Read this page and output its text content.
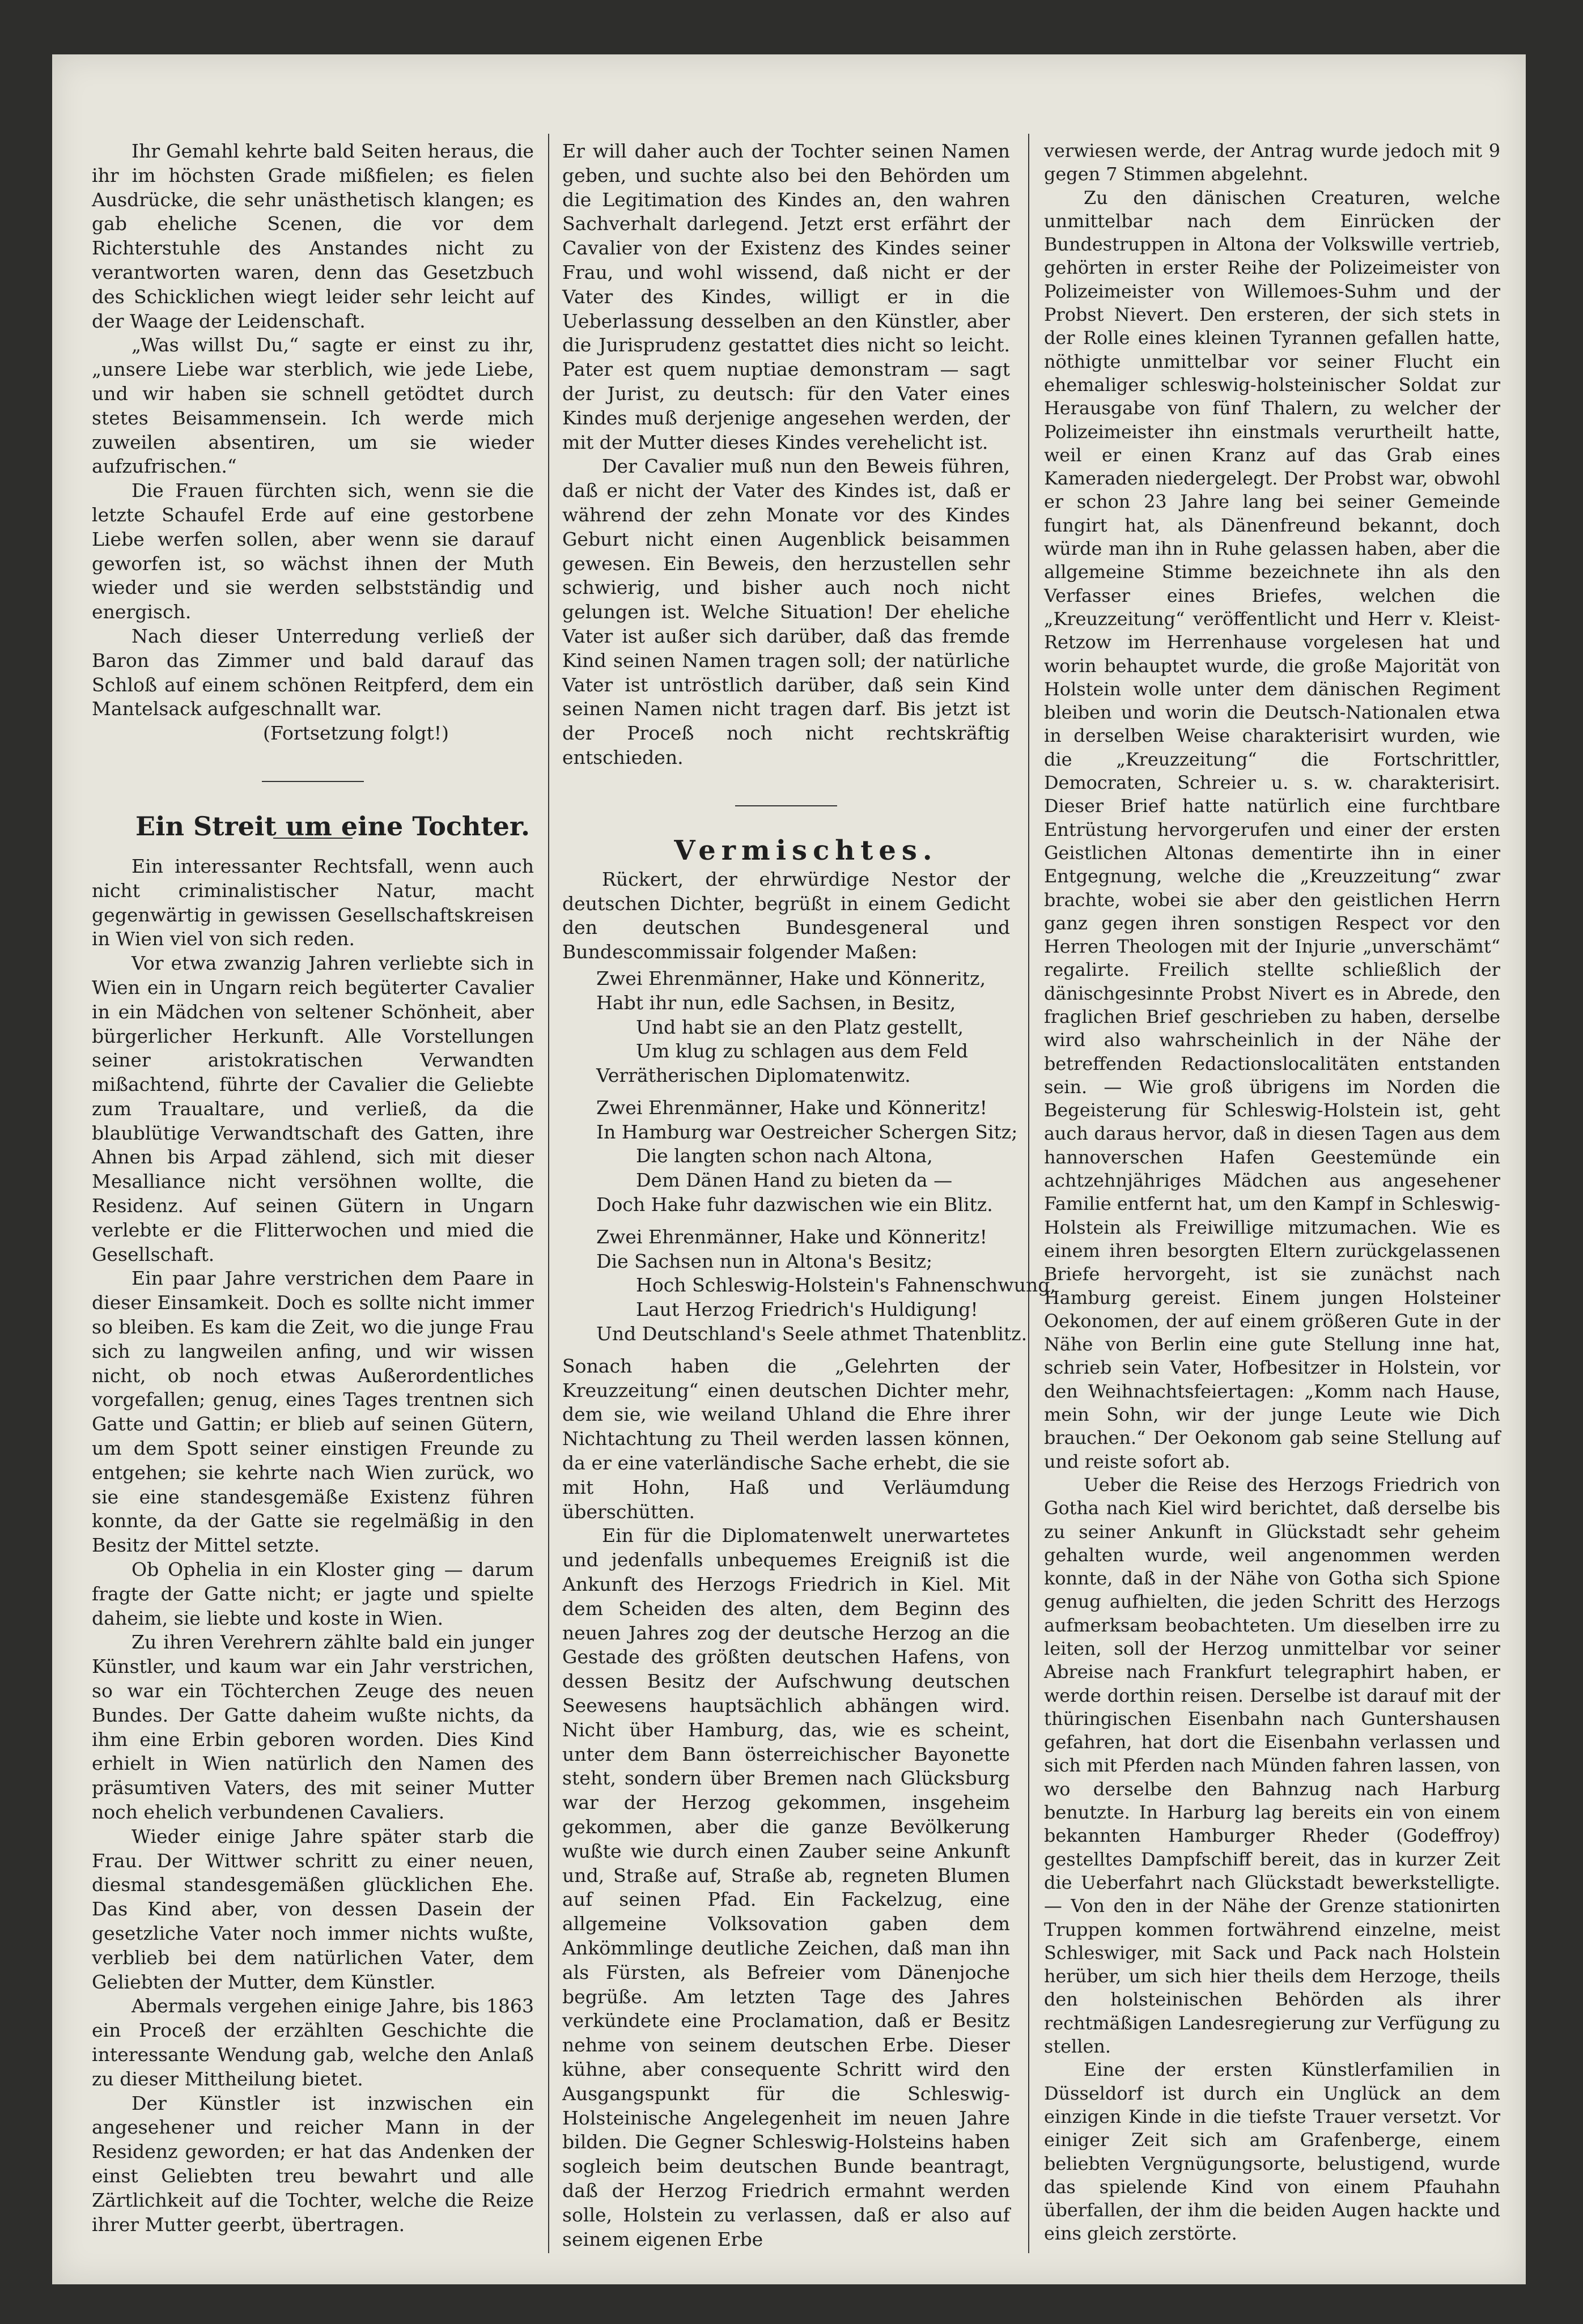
Ihr Gemahl kehrte bald Seiten heraus, die ihr im höchsten Grade mißfielen; es fielen Ausdrücke, die sehr unästhetisch klangen; es gab eheliche Scenen, die vor dem Richterstuhle des Anstandes nicht zu verantworten waren, denn das Gesetzbuch des Schicklichen wiegt leider sehr leicht auf der Waage der Leidenschaft.

„Was willst Du,“ sagte er einst zu ihr, „unsere Liebe war sterblich, wie jede Liebe, und wir haben sie schnell getödtet durch stetes Beisammensein. Ich werde mich zuweilen absentiren, um sie wieder aufzufrischen.“

Die Frauen fürchten sich, wenn sie die letzte Schaufel Erde auf eine gestorbene Liebe werfen sollen, aber wenn sie darauf geworfen ist, so wächst ihnen der Muth wieder und sie werden selbstständig und energisch.

Nach dieser Unterredung verließ der Baron das Zimmer und bald darauf das Schloß auf einem schönen Reitpferd, dem ein Mantelsack aufgeschnallt war.

(Fortsetzung folgt!)

Ein Streit um eine Tochter.

Ein interessanter Rechtsfall, wenn auch nicht criminalistischer Natur, macht gegenwärtig in gewissen Gesellschaftskreisen in Wien viel von sich reden.

Vor etwa zwanzig Jahren verliebte sich in Wien ein in Ungarn reich begüterter Cavalier in ein Mädchen von seltener Schönheit, aber bürgerlicher Herkunft. Alle Vorstellungen seiner aristokratischen Verwandten mißachtend, führte der Cavalier die Geliebte zum Traualtare, und verließ, da die blaublütige Verwandtschaft des Gatten, ihre Ahnen bis Arpad zählend, sich mit dieser Mesalliance nicht versöhnen wollte, die Residenz. Auf seinen Gütern in Ungarn verlebte er die Flitterwochen und mied die Gesellschaft.

Ein paar Jahre verstrichen dem Paare in dieser Einsamkeit. Doch es sollte nicht immer so bleiben. Es kam die Zeit, wo die junge Frau sich zu langweilen anfing, und wir wissen nicht, ob noch etwas Außerordentliches vorgefallen; genug, eines Tages trentnen sich Gatte und Gattin; er blieb auf seinen Gütern, um dem Spott seiner einstigen Freunde zu entgehen; sie kehrte nach Wien zurück, wo sie eine standesgemäße Existenz führen konnte, da der Gatte sie regelmäßig in den Besitz der Mittel setzte.

Ob Ophelia in ein Kloster ging — darum fragte der Gatte nicht; er jagte und spielte daheim, sie liebte und koste in Wien.

Zu ihren Verehrern zählte bald ein junger Künstler, und kaum war ein Jahr verstrichen, so war ein Töchterchen Zeuge des neuen Bundes. Der Gatte daheim wußte nichts, da ihm eine Erbin geboren worden. Dies Kind erhielt in Wien natürlich den Namen des präsumtiven Vaters, des mit seiner Mutter noch ehelich verbundenen Cavaliers.

Wieder einige Jahre später starb die Frau. Der Wittwer schritt zu einer neuen, diesmal standesgemäßen glücklichen Ehe. Das Kind aber, von dessen Dasein der gesetzliche Vater noch immer nichts wußte, verblieb bei dem natürlichen Vater, dem Geliebten der Mutter, dem Künstler.

Abermals vergehen einige Jahre, bis 1863 ein Proceß der erzählten Geschichte die interessante Wendung gab, welche den Anlaß zu dieser Mittheilung bietet.

Der Künstler ist inzwischen ein angesehener und reicher Mann in der Residenz geworden; er hat das Andenken der einst Geliebten treu bewahrt und alle Zärtlichkeit auf die Tochter, welche die Reize ihrer Mutter geerbt, übertragen.

Er will daher auch der Tochter seinen Namen geben, und suchte also bei den Behörden um die Legitimation des Kindes an, den wahren Sachverhalt darlegend. Jetzt erst erfährt der Cavalier von der Existenz des Kindes seiner Frau, und wohl wissend, daß nicht er der Vater des Kindes, willigt er in die Ueberlassung desselben an den Künstler, aber die Jurisprudenz gestattet dies nicht so leicht. Pater est quem nuptiae demonstram — sagt der Jurist, zu deutsch: für den Vater eines Kindes muß derjenige angesehen werden, der mit der Mutter dieses Kindes verehelicht ist.

Der Cavalier muß nun den Beweis führen, daß er nicht der Vater des Kindes ist, daß er während der zehn Monate vor des Kindes Geburt nicht einen Augenblick beisammen gewesen. Ein Beweis, den herzustellen sehr schwierig, und bisher auch noch nicht gelungen ist. Welche Situation! Der eheliche Vater ist außer sich darüber, daß das fremde Kind seinen Namen tragen soll; der natürliche Vater ist untröstlich darüber, daß sein Kind seinen Namen nicht tragen darf. Bis jetzt ist der Proceß noch nicht rechtskräftig entschieden.

Vermischtes.

Rückert, der ehrwürdige Nestor der deutschen Dichter, begrüßt in einem Gedicht den deutschen Bundesgeneral und Bundescommissair folgender Maßen:

Zwei Ehrenmänner, Hake und Könneritz,
Habt ihr nun, edle Sachsen, in Besitz,
Und habt sie an den Platz gestellt,
Um klug zu schlagen aus dem Feld
Verrätherischen Diplomatenwitz.
Zwei Ehrenmänner, Hake und Könneritz!
In Hamburg war Oestreicher Schergen Sitz;
Die langten schon nach Altona,
Dem Dänen Hand zu bieten da —
Doch Hake fuhr dazwischen wie ein Blitz.
Zwei Ehrenmänner, Hake und Könneritz!
Die Sachsen nun in Altona's Besitz;
Hoch Schleswig-Holstein's Fahnenschwung,
Laut Herzog Friedrich's Huldigung!
Und Deutschland's Seele athmet Thatenblitz.

Sonach haben die „Gelehrten der Kreuzzeitung“ einen deutschen Dichter mehr, dem sie, wie weiland Uhland die Ehre ihrer Nichtachtung zu Theil werden lassen können, da er eine vaterländische Sache erhebt, die sie mit Hohn, Haß und Verläumdung überschütten.

Ein für die Diplomatenwelt unerwartetes und jedenfalls unbequemes Ereigniß ist die Ankunft des Herzogs Friedrich in Kiel. Mit dem Scheiden des alten, dem Beginn des neuen Jahres zog der deutsche Herzog an die Gestade des größten deutschen Hafens, von dessen Besitz der Aufschwung deutschen Seewesens hauptsächlich abhängen wird. Nicht über Hamburg, das, wie es scheint, unter dem Bann österreichischer Bayonette steht, sondern über Bremen nach Glücksburg war der Herzog gekommen, insgeheim gekommen, aber die ganze Bevölkerung wußte wie durch einen Zauber seine Ankunft und, Straße auf, Straße ab, regneten Blumen auf seinen Pfad. Ein Fackelzug, eine allgemeine Volksovation gaben dem Ankömmlinge deutliche Zeichen, daß man ihn als Fürsten, als Befreier vom Dänenjoche begrüße. Am letzten Tage des Jahres verkündete eine Proclamation, daß er Besitz nehme von seinem deutschen Erbe. Dieser kühne, aber consequente Schritt wird den Ausgangspunkt für die Schleswig-Holsteinische Angelegenheit im neuen Jahre bilden. Die Gegner Schleswig-Holsteins haben sogleich beim deutschen Bunde beantragt, daß der Herzog Friedrich ermahnt werden solle, Holstein zu verlassen, daß er also auf seinem eigenen Erbe

verwiesen werde, der Antrag wurde jedoch mit 9 gegen 7 Stimmen abgelehnt.

Zu den dänischen Creaturen, welche unmittelbar nach dem Einrücken der Bundestruppen in Altona der Volkswille vertrieb, gehörten in erster Reihe der Polizeimeister von Polizeimeister von Willemoes-Suhm und der Probst Nievert. Den ersteren, der sich stets in der Rolle eines kleinen Tyrannen gefallen hatte, nöthigte unmittelbar vor seiner Flucht ein ehemaliger schleswig-holsteinischer Soldat zur Herausgabe von fünf Thalern, zu welcher der Polizeimeister ihn einstmals verurtheilt hatte, weil er einen Kranz auf das Grab eines Kameraden niedergelegt. Der Probst war, obwohl er schon 23 Jahre lang bei seiner Gemeinde fungirt hat, als Dänenfreund bekannt, doch würde man ihn in Ruhe gelassen haben, aber die allgemeine Stimme bezeichnete ihn als den Verfasser eines Briefes, welchen die „Kreuzzeitung“ veröffentlicht und Herr v. Kleist-Retzow im Herrenhause vorgelesen hat und worin behauptet wurde, die große Majorität von Holstein wolle unter dem dänischen Regiment bleiben und worin die Deutsch-Nationalen etwa in derselben Weise charakterisirt wurden, wie die „Kreuzzeitung“ die Fortschrittler, Democraten, Schreier u. s. w. charakterisirt. Dieser Brief hatte natürlich eine furchtbare Entrüstung hervorgerufen und einer der ersten Geistlichen Altonas dementirte ihn in einer Entgegnung, welche die „Kreuzzeitung“ zwar brachte, wobei sie aber den geistlichen Herrn ganz gegen ihren sonstigen Respect vor den Herren Theologen mit der Injurie „unverschämt“ regalirte. Freilich stellte schließlich der dänischgesinnte Probst Nivert es in Abrede, den fraglichen Brief geschrieben zu haben, derselbe wird also wahrscheinlich in der Nähe der betreffenden Redactionslocalitäten entstanden sein. — Wie groß übrigens im Norden die Begeisterung für Schleswig-Holstein ist, geht auch daraus hervor, daß in diesen Tagen aus dem hannoverschen Hafen Geestemünde ein achtzehnjähriges Mädchen aus angesehener Familie entfernt hat, um den Kampf in Schleswig-Holstein als Freiwillige mitzumachen. Wie es einem ihren besorgten Eltern zurückgelassenen Briefe hervorgeht, ist sie zunächst nach Hamburg gereist. Einem jungen Holsteiner Oekonomen, der auf einem größeren Gute in der Nähe von Berlin eine gute Stellung inne hat, schrieb sein Vater, Hofbesitzer in Holstein, vor den Weihnachtsfeiertagen: „Komm nach Hause, mein Sohn, wir der junge Leute wie Dich brauchen.“ Der Oekonom gab seine Stellung auf und reiste sofort ab.

Ueber die Reise des Herzogs Friedrich von Gotha nach Kiel wird berichtet, daß derselbe bis zu seiner Ankunft in Glückstadt sehr geheim gehalten wurde, weil angenommen werden konnte, daß in der Nähe von Gotha sich Spione genug aufhielten, die jeden Schritt des Herzogs aufmerksam beobachteten. Um dieselben irre zu leiten, soll der Herzog unmittelbar vor seiner Abreise nach Frankfurt telegraphirt haben, er werde dorthin reisen. Derselbe ist darauf mit der thüringischen Eisenbahn nach Guntershausen gefahren, hat dort die Eisenbahn verlassen und sich mit Pferden nach Münden fahren lassen, von wo derselbe den Bahnzug nach Harburg benutzte. In Harburg lag bereits ein von einem bekannten Hamburger Rheder (Godeffroy) gestelltes Dampfschiff bereit, das in kurzer Zeit die Ueberfahrt nach Glückstadt bewerkstelligte. — Von den in der Nähe der Grenze stationirten Truppen kommen fortwährend einzelne, meist Schleswiger, mit Sack und Pack nach Holstein herüber, um sich hier theils dem Herzoge, theils den holsteinischen Behörden als ihrer rechtmäßigen Landesregierung zur Verfügung zu stellen.

Eine der ersten Künstlerfamilien in Düsseldorf ist durch ein Unglück an dem einzigen Kinde in die tiefste Trauer versetzt. Vor einiger Zeit sich am Grafenberge, einem beliebten Vergnügungsorte, belustigend, wurde das spielende Kind von einem Pfauhahn überfallen, der ihm die beiden Augen hackte und eins gleich zerstörte.
